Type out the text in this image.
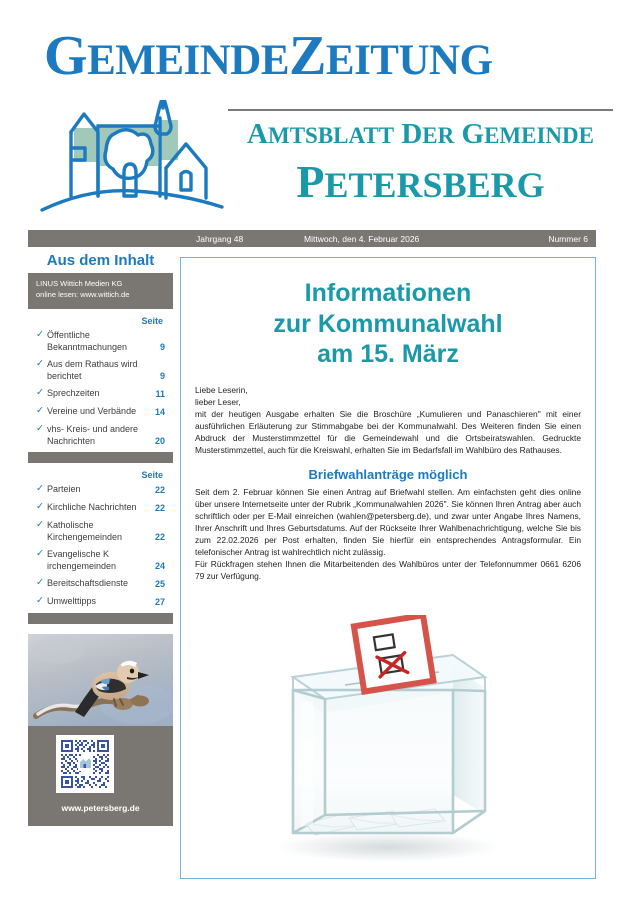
GEMEINDEZEITUNG
AMTSBLATT DER GEMEINDE
PETERSBERG
Jahrgang 48	Mittwoch, den 4. Februar 2026	Nummer 6
Aus dem Inhalt
LINUS Wittich Medien KG
online lesen: www.wittich.de
Seite
✓ Öffentliche Bekanntmachungen	9
✓ Aus dem Rathaus wird berichtet	9
✓ Sprechzeiten	11
✓ Vereine und Verbände	14
✓ vhs- Kreis- und andere Nachrichten	20
Seite
✓ Parteien	22
✓ Kirchliche Nachrichten	22
✓ Katholische Kirchengemeinden	22
✓ Evangelische K irchengemeinden	24
✓ Bereitschaftsdienste	25
✓ Umwelttipps	27
www.petersberg.de
Informationen
zur Kommunalwahl
am 15. März
Liebe Leserin,
lieber Leser,
mit der heutigen Ausgabe erhalten Sie die Broschüre „Kumulieren und Panaschieren" mit einer ausführlichen Erläuterung zur Stimmabgabe bei der Kommunalwahl. Des Weiteren finden Sie einen Abdruck der Musterstimmzettel für die Gemeindewahl und die Ortsbeiratswahlen. Gedruckte Musterstimmzettel, auch für die Kreiswahl, erhalten Sie im Bedarfsfall im Wahlbüro des Rathauses.
Briefwahlanträge möglich
Seit dem 2. Februar können Sie einen Antrag auf Briefwahl stellen. Am einfachsten geht dies online über unsere Internetseite unter der Rubrik „Kommunalwahlen 2026". Sie können Ihren Antrag aber auch schriftlich oder per E-Mail einreichen (wahlen@petersberg.de), und zwar unter Angabe Ihres Namens, Ihrer Anschrift und Ihres Geburtsdatums. Auf der Rückseite Ihrer Wahlbenachrichtigung, welche Sie bis zum 22.02.2026 per Post erhalten, finden Sie hierfür ein entsprechendes Antragsformular. Ein telefonischer Antrag ist wahlrechtlich nicht zulässig.
Für Rückfragen stehen Ihnen die Mitarbeitenden des Wahlbüros unter der Telefonnummer 0661 6206 79 zur Verfügung.
